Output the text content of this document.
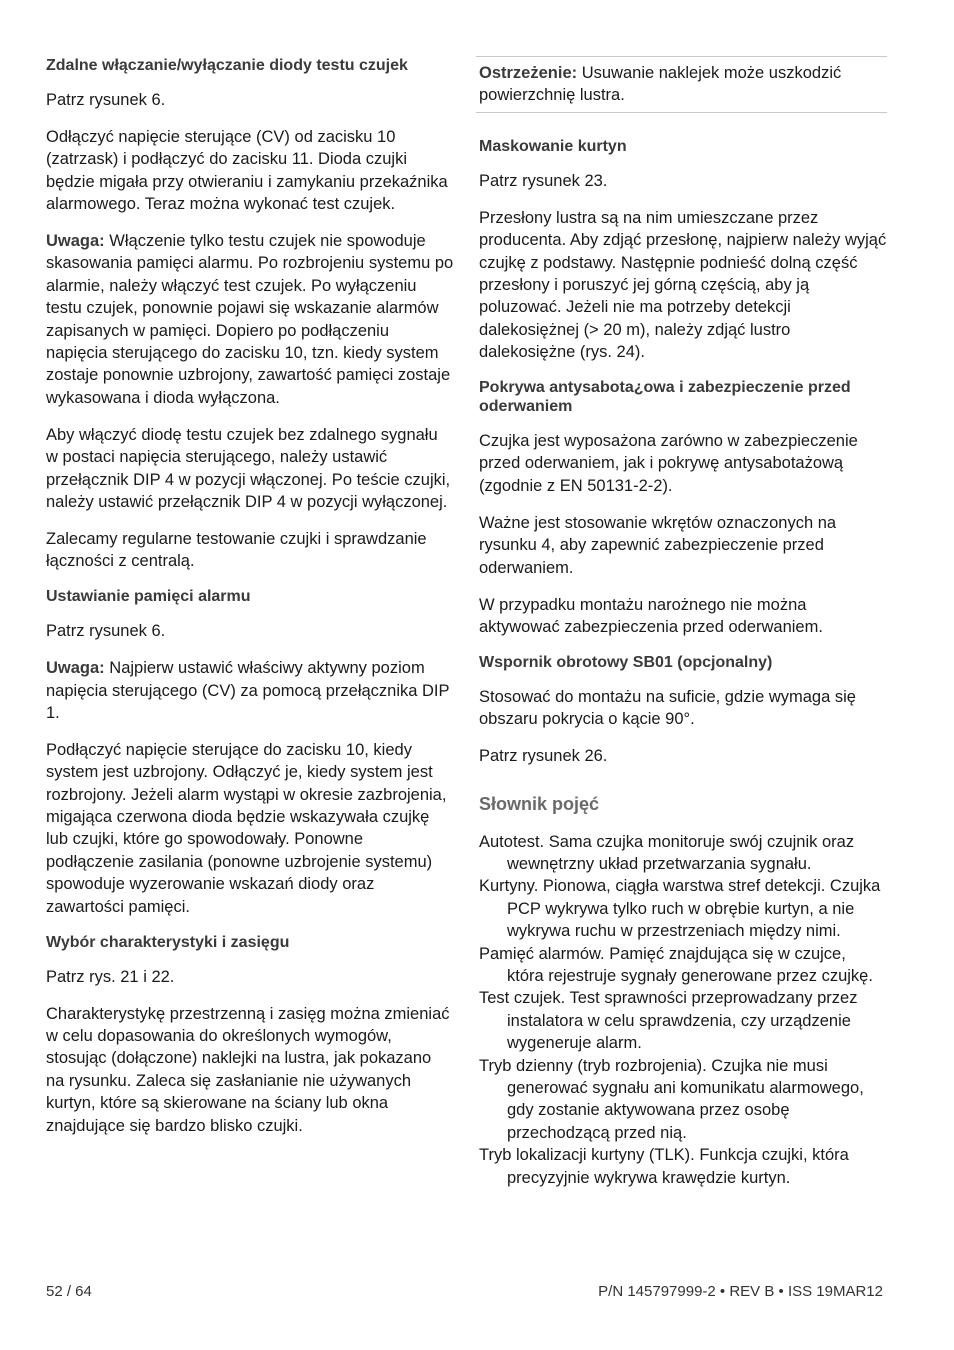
Zdalne włączanie/wyłączanie diody testu czujek

Patrz rysunek 6.

Odłączyć napięcie sterujące (CV) od zacisku 10 (zatrzask) i podłączyć do zacisku 11. Dioda czujki będzie migała przy otwieraniu i zamykaniu przekaźnika alarmowego. Teraz można wykonać test czujek.

Uwaga: Włączenie tylko testu czujek nie spowoduje skasowania pamięci alarmu. Po rozbrojeniu systemu po alarmie, należy włączyć test czujek. Po wyłączeniu testu czujek, ponownie pojawi się wskazanie alarmów zapisanych w pamięci. Dopiero po podłączeniu napięcia sterującego do zacisku 10, tzn. kiedy system zostaje ponownie uzbrojony, zawartość pamięci zostaje wykasowana i dioda wyłączona.

Aby włączyć diodę testu czujek bez zdalnego sygnału w postaci napięcia sterującego, należy ustawić przełącznik DIP 4 w pozycji włączonej. Po teście czujki, należy ustawić przełącznik DIP 4 w pozycji wyłączonej.

Zalecamy regularne testowanie czujki i sprawdzanie łączności z centralą.

Ustawianie pamięci alarmu

Patrz rysunek 6.

Uwaga: Najpierw ustawić właściwy aktywny poziom napięcia sterującego (CV) za pomocą przełącznika DIP 1.

Podłączyć napięcie sterujące do zacisku 10, kiedy system jest uzbrojony. Odłączyć je, kiedy system jest rozbrojony. Jeżeli alarm wystąpi w okresie zazbrojenia, migająca czerwona dioda będzie wskazywała czujkę lub czujki, które go spowodowały. Ponowne podłączenie zasilania (ponowne uzbrojenie systemu) spowoduje wyzerowanie wskazań diody oraz zawartości pamięci.

Wybór charakterystyki i zasięgu

Patrz rys. 21 i 22.

Charakterystykę przestrzenną i zasięg można zmieniać w celu dopasowania do określonych wymogów, stosując (dołączone) naklejki na lustra, jak pokazano na rysunku. Zaleca się zasłanianie nie używanych kurtyn, które są skierowane na ściany lub okna znajdujące się bardzo blisko czujki.

Ostrzeżenie: Usuwanie naklejek może uszkodzić powierzchnię lustra.

Maskowanie kurtyn

Patrz rysunek 23.

Przesłony lustra są na nim umieszczane przez producenta. Aby zdjąć przesłonę, najpierw należy wyjąć czujkę z podstawy. Następnie podnieść dolną część przesłony i poruszyć jej górną częścią, aby ją poluzować. Jeżeli nie ma potrzeby detekcji dalekosiężnej (> 20 m), należy zdjąć lustro dalekosiężne (rys. 24).

Pokrywa antysabota¿owa i zabezpieczenie przed oderwaniem

Czujka jest wyposażona zarówno w zabezpieczenie przed oderwaniem, jak i pokrywę antysabotażową (zgodnie z EN 50131-2-2).

Ważne jest stosowanie wkrętów oznaczonych na rysunku 4, aby zapewnić zabezpieczenie przed oderwaniem.

W przypadku montażu narożnego nie można aktywować zabezpieczenia przed oderwaniem.

Wspornik obrotowy SB01 (opcjonalny)

Stosować do montażu na suficie, gdzie wymaga się obszaru pokrycia o kącie 90°.

Patrz rysunek 26.

Słownik pojęć
Autotest. Sama czujka monitoruje swój czujnik oraz wewnętrzny układ przetwarzania sygnału.
Kurtyny. Pionowa, ciągła warstwa stref detekcji. Czujka PCP wykrywa tylko ruch w obrębie kurtyn, a nie wykrywa ruchu w przestrzeniach między nimi.
Pamięć alarmów. Pamięć znajdująca się w czujce, która rejestruje sygnały generowane przez czujkę.
Test czujek. Test sprawności przeprowadzany przez instalatora w celu sprawdzenia, czy urządzenie wygeneruje alarm.
Tryb dzienny (tryb rozbrojenia). Czujka nie musi generować sygnału ani komunikatu alarmowego, gdy zostanie aktywowana przez osobę przechodzącą przed nią.
Tryb lokalizacji kurtyny (TLK). Funkcja czujki, która precyzyjnie wykrywa krawędzie kurtyn.
52 / 64	P/N 145797999-2 • REV B • ISS 19MAR12
